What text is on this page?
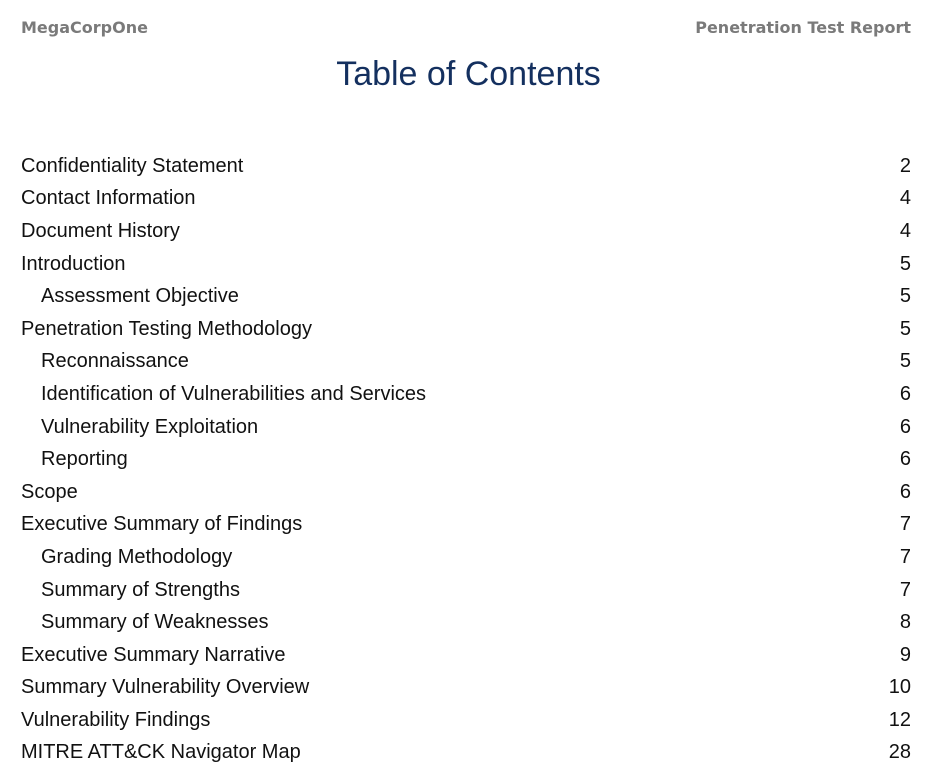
MegaCorpOne	Penetration Test Report
Table of Contents
Confidentiality Statement	2
Contact Information	4
Document History	4
Introduction	5
Assessment Objective	5
Penetration Testing Methodology	5
Reconnaissance	5
Identification of Vulnerabilities and Services	6
Vulnerability Exploitation	6
Reporting	6
Scope	6
Executive Summary of Findings	7
Grading Methodology	7
Summary of Strengths	7
Summary of Weaknesses	8
Executive Summary Narrative	9
Summary Vulnerability Overview	10
Vulnerability Findings	12
MITRE ATT&CK Navigator Map	28
